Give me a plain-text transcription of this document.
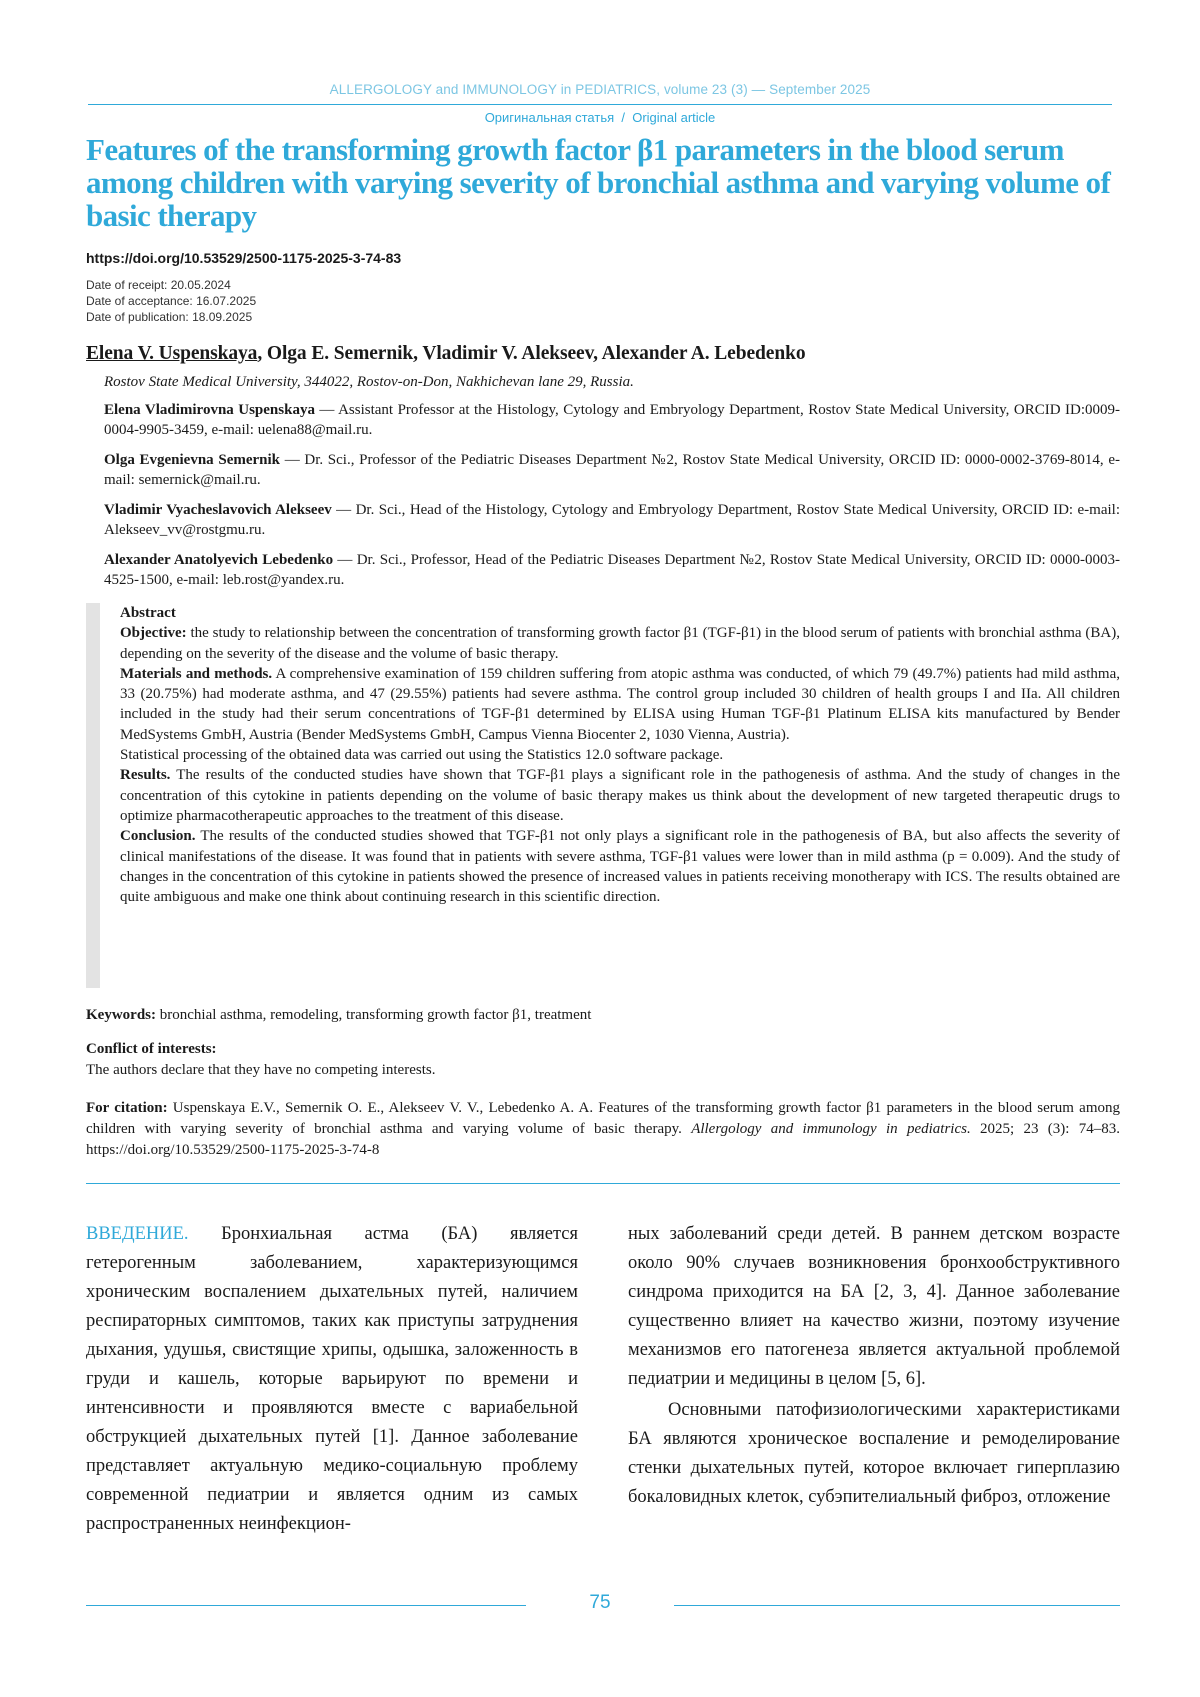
ALLERGOLOGY and IMMUNOLOGY in PEDIATRICS, volume 23 (3) — September 2025
Оригинальная статья  /  Original article
Features of the transforming growth factor β1 parameters in the blood serum among children with varying severity of bronchial asthma and varying volume of basic therapy
https://doi.org/10.53529/2500-1175-2025-3-74-83
Date of receipt: 20.05.2024
Date of acceptance: 16.07.2025
Date of publication: 18.09.2025
Elena V. Uspenskaya, Olga E. Semernik, Vladimir V. Alekseev, Alexander A. Lebedenko
Rostov State Medical University, 344022, Rostov-on-Don, Nakhichevan lane 29, Russia.

Elena Vladimirovna Uspenskaya — Assistant Professor at the Histology, Cytology and Embryology Department, Rostov State Medical University, ORCID ID:0009-0004-9905-3459, e-mail: uelena88@mail.ru.

Olga Evgenievna Semernik — Dr. Sci., Professor of the Pediatric Diseases Department №2, Rostov State Medical University, ORCID ID: 0000-0002-3769-8014, e-mail: semernick@mail.ru.

Vladimir Vyacheslavovich Alekseev — Dr. Sci., Head of the Histology, Cytology and Embryology Department, Rostov State Medical University, ORCID ID: e-mail: Alekseev_vv@rostgmu.ru.

Alexander Anatolyevich Lebedenko — Dr. Sci., Professor, Head of the Pediatric Diseases Department №2, Rostov State Medical University, ORCID ID: 0000-0003-4525-1500, e-mail: leb.rost@yandex.ru.

Abstract

Objective: the study to relationship between the concentration of transforming growth factor β1 (TGF-β1) in the blood serum of patients with bronchial asthma (BA), depending on the severity of the disease and the volume of basic therapy.

Materials and methods. A comprehensive examination of 159 children suffering from atopic asthma was conducted, of which 79 (49.7%) patients had mild asthma, 33 (20.75%) had moderate asthma, and 47 (29.55%) patients had severe asthma. The control group included 30 children of health groups I and IIa. All children included in the study had their serum concentrations of TGF-β1 determined by ELISA using Human TGF-β1 Platinum ELISA kits manufactured by Bender MedSystems GmbH, Austria (Bender MedSystems GmbH, Campus Vienna Biocenter 2, 1030 Vienna, Austria).

Statistical processing of the obtained data was carried out using the Statistics 12.0 software package.

Results. The results of the conducted studies have shown that TGF-β1 plays a significant role in the pathogenesis of asthma. And the study of changes in the concentration of this cytokine in patients depending on the volume of basic therapy makes us think about the development of new targeted therapeutic drugs to optimize pharmacotherapeutic approaches to the treatment of this disease.

Conclusion. The results of the conducted studies showed that TGF-β1 not only plays a significant role in the pathogenesis of BA, but also affects the severity of clinical manifestations of the disease. It was found that in patients with severe asthma, TGF-β1 values were lower than in mild asthma (p = 0.009). And the study of changes in the concentration of this cytokine in patients showed the presence of increased values in patients receiving monotherapy with ICS. The results obtained are quite ambiguous and make one think about continuing research in this scientific direction.

Keywords: bronchial asthma, remodeling, transforming growth factor β1, treatment
Conflict of interests:
The authors declare that they have no competing interests.
For citation: Uspenskaya E.V., Semernik O. E., Alekseev V. V., Lebedenko A. A. Features of the transforming growth factor β1 parameters in the blood serum among children with varying severity of bronchial asthma and varying volume of basic therapy. Allergology and immunology in pediatrics. 2025; 23 (3): 74–83. https://doi.org/10.53529/2500-1175-2025-3-74-8

ВВЕДЕНИЕ. Бронхиальная астма (БА) является гетерогенным заболеванием, характеризующимся хроническим воспалением дыхательных путей, наличием респираторных симптомов, таких как приступы затруднения дыхания, удушья, свистящие хрипы, одышка, заложенность в груди и кашель, которые варьируют по времени и интенсивности и проявляются вместе с вариабельной обструкцией дыхательных путей [1]. Данное заболевание представляет актуальную медико-социальную проблему современной педиатрии и является одним из самых распространенных неинфекцион-

ных заболеваний среди детей. В раннем детском возрасте около 90% случаев возникновения бронхообструктивного синдрома приходится на БА [2, 3, 4]. Данное заболевание существенно влияет на качество жизни, поэтому изучение механизмов его патогенеза является актуальной проблемой педиатрии и медицины в целом [5, 6].

Основными патофизиологическими характеристиками БА являются хроническое воспаление и ремоделирование стенки дыхательных путей, которое включает гиперплазию бокаловидных клеток, субэпителиальный фиброз, отложение

75
